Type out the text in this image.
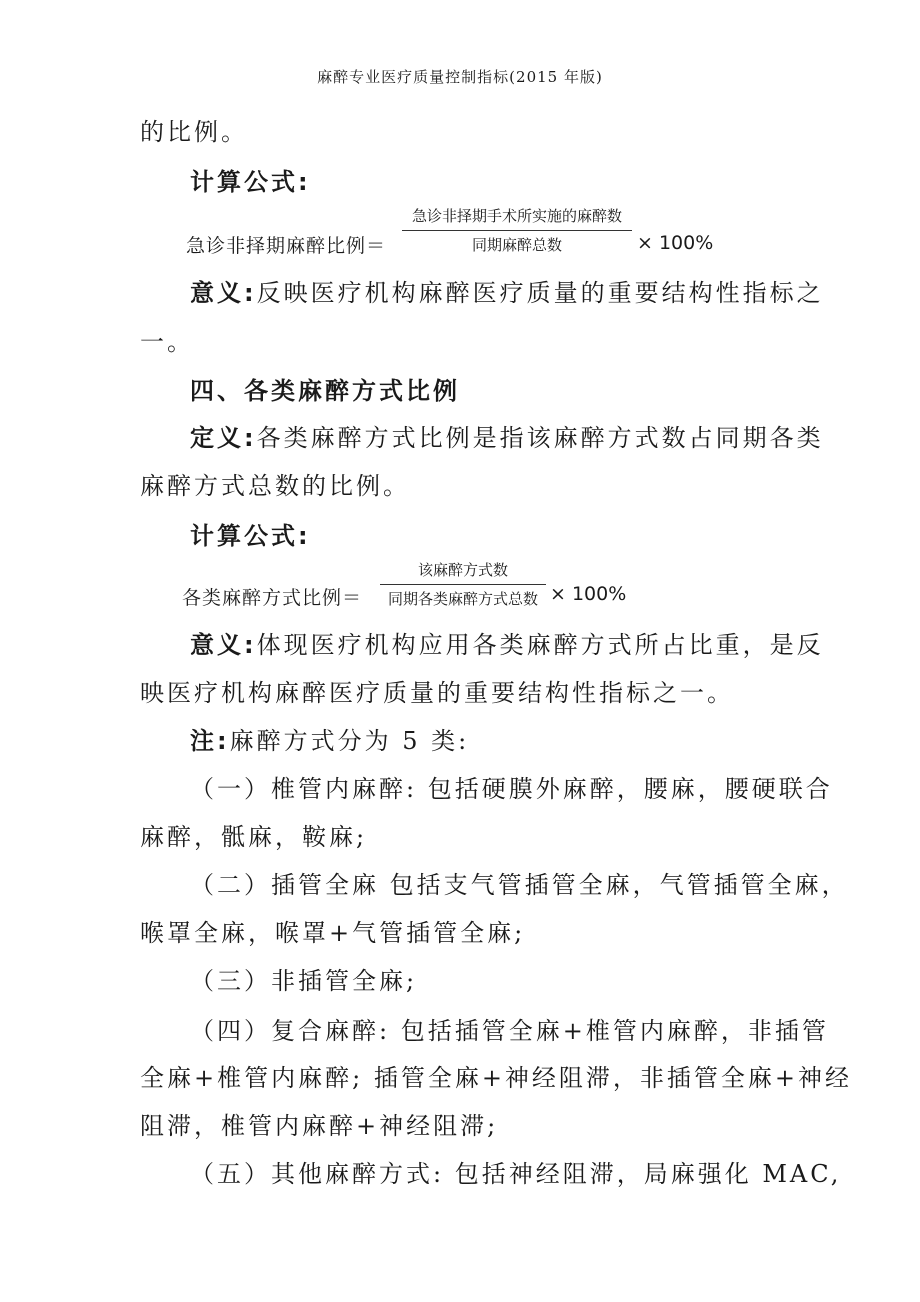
麻醉专业医疗质量控制指标(2015 年版)
的比例。
计算公式:
急诊非择期麻醉比例＝
急诊非择期手术所实施的麻醉数
同期麻醉总数	× 100%
意义:反映医疗机构麻醉医疗质量的重要结构性指标之
一。
四、各类麻醉方式比例
定义:各类麻醉方式比例是指该麻醉方式数占同期各类
麻醉方式总数的比例。
计算公式:
各类麻醉方式比例＝
该麻醉方式数
同期各类麻醉方式总数 × 100%
意义:体现医疗机构应用各类麻醉方式所占比重，是反
映医疗机构麻醉医疗质量的重要结构性指标之一。
注:麻醉方式分为 5 类:
（一）椎管内麻醉: 包括硬膜外麻醉，腰麻，腰硬联合
麻醉，骶麻，鞍麻;
（二）插管全麻 包括支气管插管全麻，气管插管全麻，
喉罩全麻，喉罩+气管插管全麻;
（三）非插管全麻;
（四）复合麻醉: 包括插管全麻+椎管内麻醉，非插管
全麻+椎管内麻醉; 插管全麻+神经阻滞，非插管全麻+神经
阻滞，椎管内麻醉+神经阻滞;
（五）其他麻醉方式: 包括神经阻滞，局麻强化 MAC,
